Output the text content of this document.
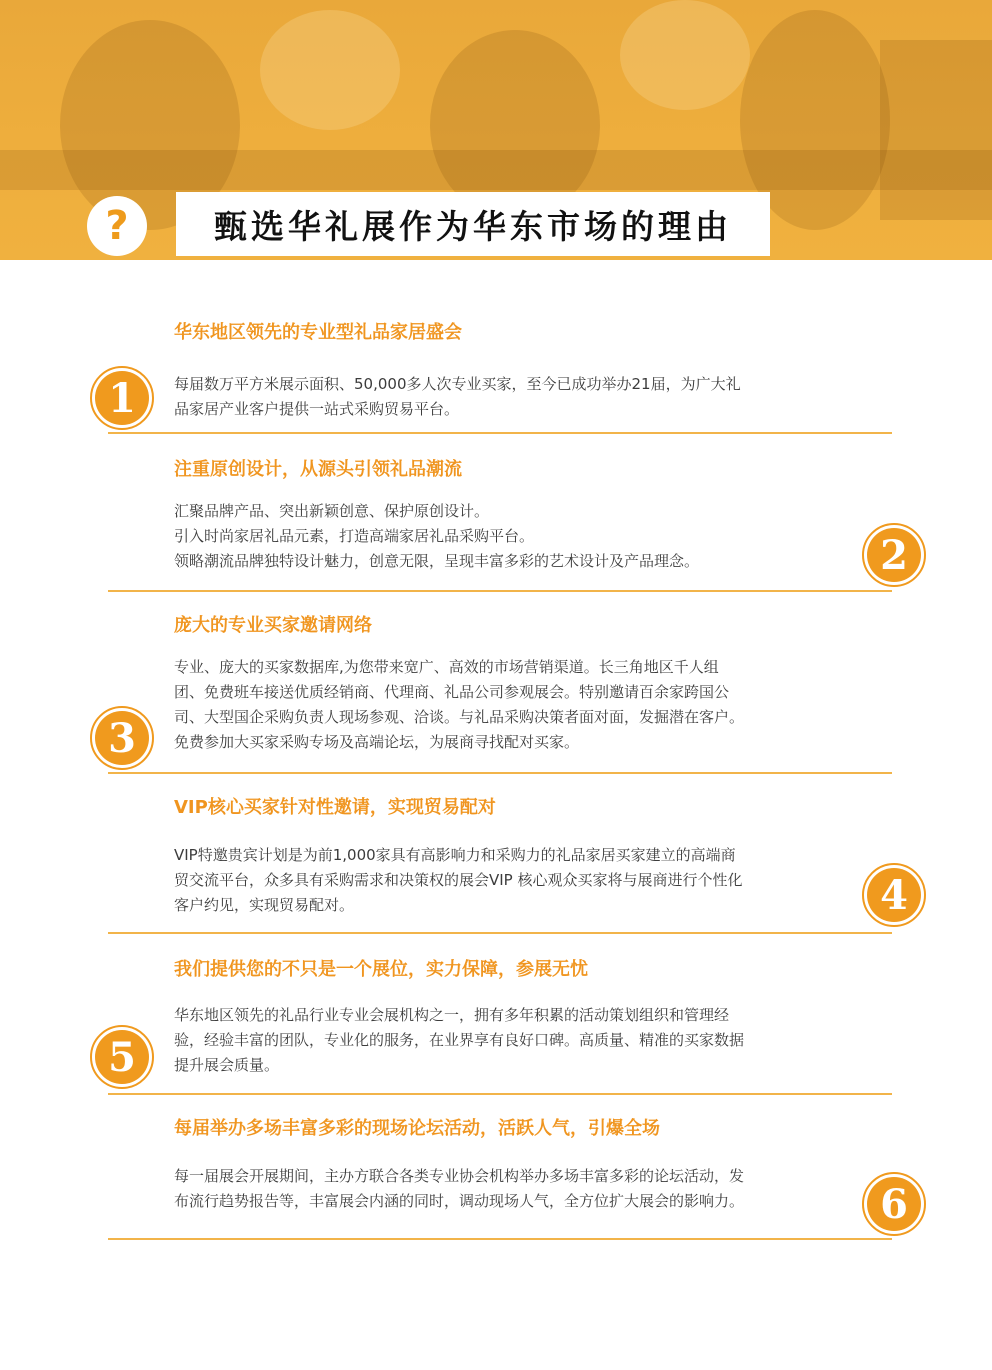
?	甄选华礼展作为华东市场的理由
华东地区领先的专业型礼品家居盛会
1	每届数万平方米展示面积、50,000多人次专业买家，至今已成功举办21届，为广大礼

品家居产业客户提供一站式采购贸易平台。

注重原创设计，从源头引领礼品潮流
2

汇聚品牌产品、突出新颖创意、保护原创设计。

引入时尚家居礼品元素，打造高端家居礼品采购平台。

领略潮流品牌独特设计魅力，创意无限，呈现丰富多彩的艺术设计及产品理念。

庞大的专业买家邀请网络
3

专业、庞大的买家数据库,为您带来宽广、高效的市场营销渠道。长三角地区千人组

团、免费班车接送优质经销商、代理商、礼品公司参观展会。特别邀请百余家跨国公

司、大型国企采购负责人现场参观、洽谈。与礼品采购决策者面对面，发掘潜在客户。

免费参加大买家采购专场及高端论坛，为展商寻找配对买家。

VIP核心买家针对性邀请，实现贸易配对
4

VIP特邀贵宾计划是为前1,000家具有高影响力和采购力的礼品家居买家建立的高端商

贸交流平台，众多具有采购需求和决策权的展会VIP 核心观众买家将与展商进行个性化

客户约见，实现贸易配对。

我们提供您的不只是一个展位，实力保障，参展无忧
5

华东地区领先的礼品行业专业会展机构之一，拥有多年积累的活动策划组织和管理经

验，经验丰富的团队，专业化的服务，在业界享有良好口碑。高质量、精准的买家数据

提升展会质量。

每届举办多场丰富多彩的现场论坛活动，活跃人气，引爆全场
6

每一届展会开展期间，主办方联合各类专业协会机构举办多场丰富多彩的论坛活动，发

布流行趋势报告等，丰富展会内涵的同时，调动现场人气，全方位扩大展会的影响力。
